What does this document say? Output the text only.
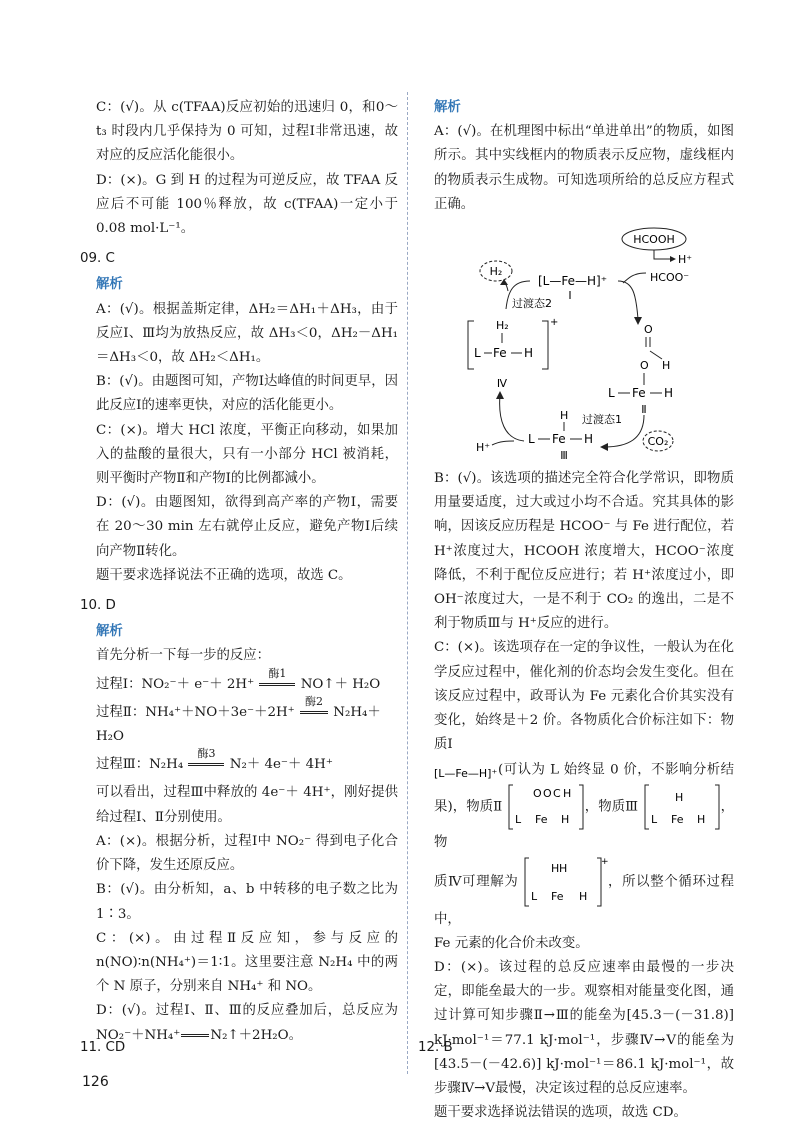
C：(√)。从 c(TFAA)反应初始的迅速归 0，和0～t₃ 时段内几乎保持为 0 可知，过程Ⅰ非常迅速，故对应的反应活化能很小。

D：(×)。G 到 H 的过程为可逆反应，故 TFAA 反应后不可能 100％释放，故 c(TFAA)一定小于0.08 mol·L⁻¹。

09. C

解析

A：(√)。根据盖斯定律，ΔH₂＝ΔH₁＋ΔH₃，由于反应Ⅰ、Ⅲ均为放热反应，故 ΔH₃＜0，ΔH₂－ΔH₁＝ΔH₃＜0，故 ΔH₂＜ΔH₁。

B：(√)。由题图可知，产物Ⅰ达峰值的时间更早，因此反应Ⅰ的速率更快，对应的活化能更小。

C：(×)。增大 HCl 浓度，平衡正向移动，如果加入的盐酸的量很大，只有一小部分 HCl 被消耗，则平衡时产物Ⅱ和产物Ⅰ的比例都減小。

D：(√)。由题图知，欲得到高产率的产物Ⅰ，需要在 20～30 min 左右就停止反应，避免产物Ⅰ后续向产物Ⅱ转化。

题干要求选择说法不正确的选项，故选 C。

10. D

解析

首先分析一下每一步的反应：

过程Ⅰ：NO₂⁻＋ e⁻＋ 2H⁺
酶1
NO↑＋ H₂O

过程Ⅱ：NH₄⁺＋NO＋3e⁻＋2H⁺
酶2
N₂H₄＋ H₂O

过程Ⅲ：N₂H₄
酶3
N₂＋ 4e⁻＋ 4H⁺

可以看出，过程Ⅲ中释放的 4e⁻＋ 4H⁺，刚好提供给过程Ⅰ、Ⅱ分别使用。

A：(×)。根据分析，过程Ⅰ中 NO₂⁻ 得到电子化合价下降，发生还原反应。

B：(√)。由分析知，a、b 中转移的电子数之比为 1∶3。

C：(×)。由过程Ⅱ反应知，参与反应的 n(NO)∶n(NH₄⁺)＝1∶1。这里要注意 N₂H₄ 中的两个 N 原子，分别来自 NH₄⁺ 和 NO。

D：(√)。过程Ⅰ、Ⅱ、Ⅲ的反应叠加后，总反应为 NO₂⁻＋NH₄⁺ N₂↑＋2H₂O。

解析

A：(√)。在机理图中标出“单进单出”的物质，如图所示。其中实线框内的物质表示反应物，虚线框内的物质表示生成物。可知选项所给的总反应方程式正确。

HCOOH
H⁺
HCOO⁻
H₂
[L—Fe—H]⁺
Ⅰ
过渡态2
H₂	+
L Fe H
Ⅳ
O
O H
L Fe H
Ⅱ
过渡态1
CO₂
H
L Fe H
Ⅲ
H⁺

B：(√)。该选项的描述完全符合化学常识，即物质用量要适度，过大或过小均不合适。究其具体的影响，因该反应历程是 HCOO⁻ 与 Fe 进行配位，若 H⁺浓度过大，HCOOH 浓度增大，HCOO⁻浓度降低，不利于配位反应进行；若 H⁺浓度过小，即 OH⁻浓度过大，一是不利于 CO₂ 的逸出，二是不利于物质Ⅲ与 H⁺反应的进行。

C：(×)。该选项存在一定的争议性，一般认为在化学反应过程中，催化剂的价态均会发生变化。但在该反应过程中，政哥认为 Fe 元素化合价其实没有变化，始终是＋2 价。各物质化合价标注如下：物质Ⅰ

[L—Fe—H]⁺ (可认为 L 始终显 0 价，不影响分析结果)，物质Ⅱ
O O C H
L Fe H
，物质Ⅲ
H
L Fe H
，物
质Ⅳ可理解为
+
H H
L Fe H
，所以整个循环过程中，
Fe 元素的化合价未改变。

D：(×)。该过程的总反应速率由最慢的一步决定，即能垒最大的一步。观察相对能量变化图，通过计算可知步骤Ⅱ→Ⅲ的能垒为[45.3－(－31.8)] kJ·mol⁻¹＝77.1 kJ·mol⁻¹，步骤Ⅳ→Ⅴ的能垒为[43.5－(－42.6)] kJ·mol⁻¹＝86.1 kJ·mol⁻¹，故步骤Ⅳ→Ⅴ最慢，决定该过程的总反应速率。

题干要求选择说法错误的选项，故选 CD。

11. CD	12. B
126
